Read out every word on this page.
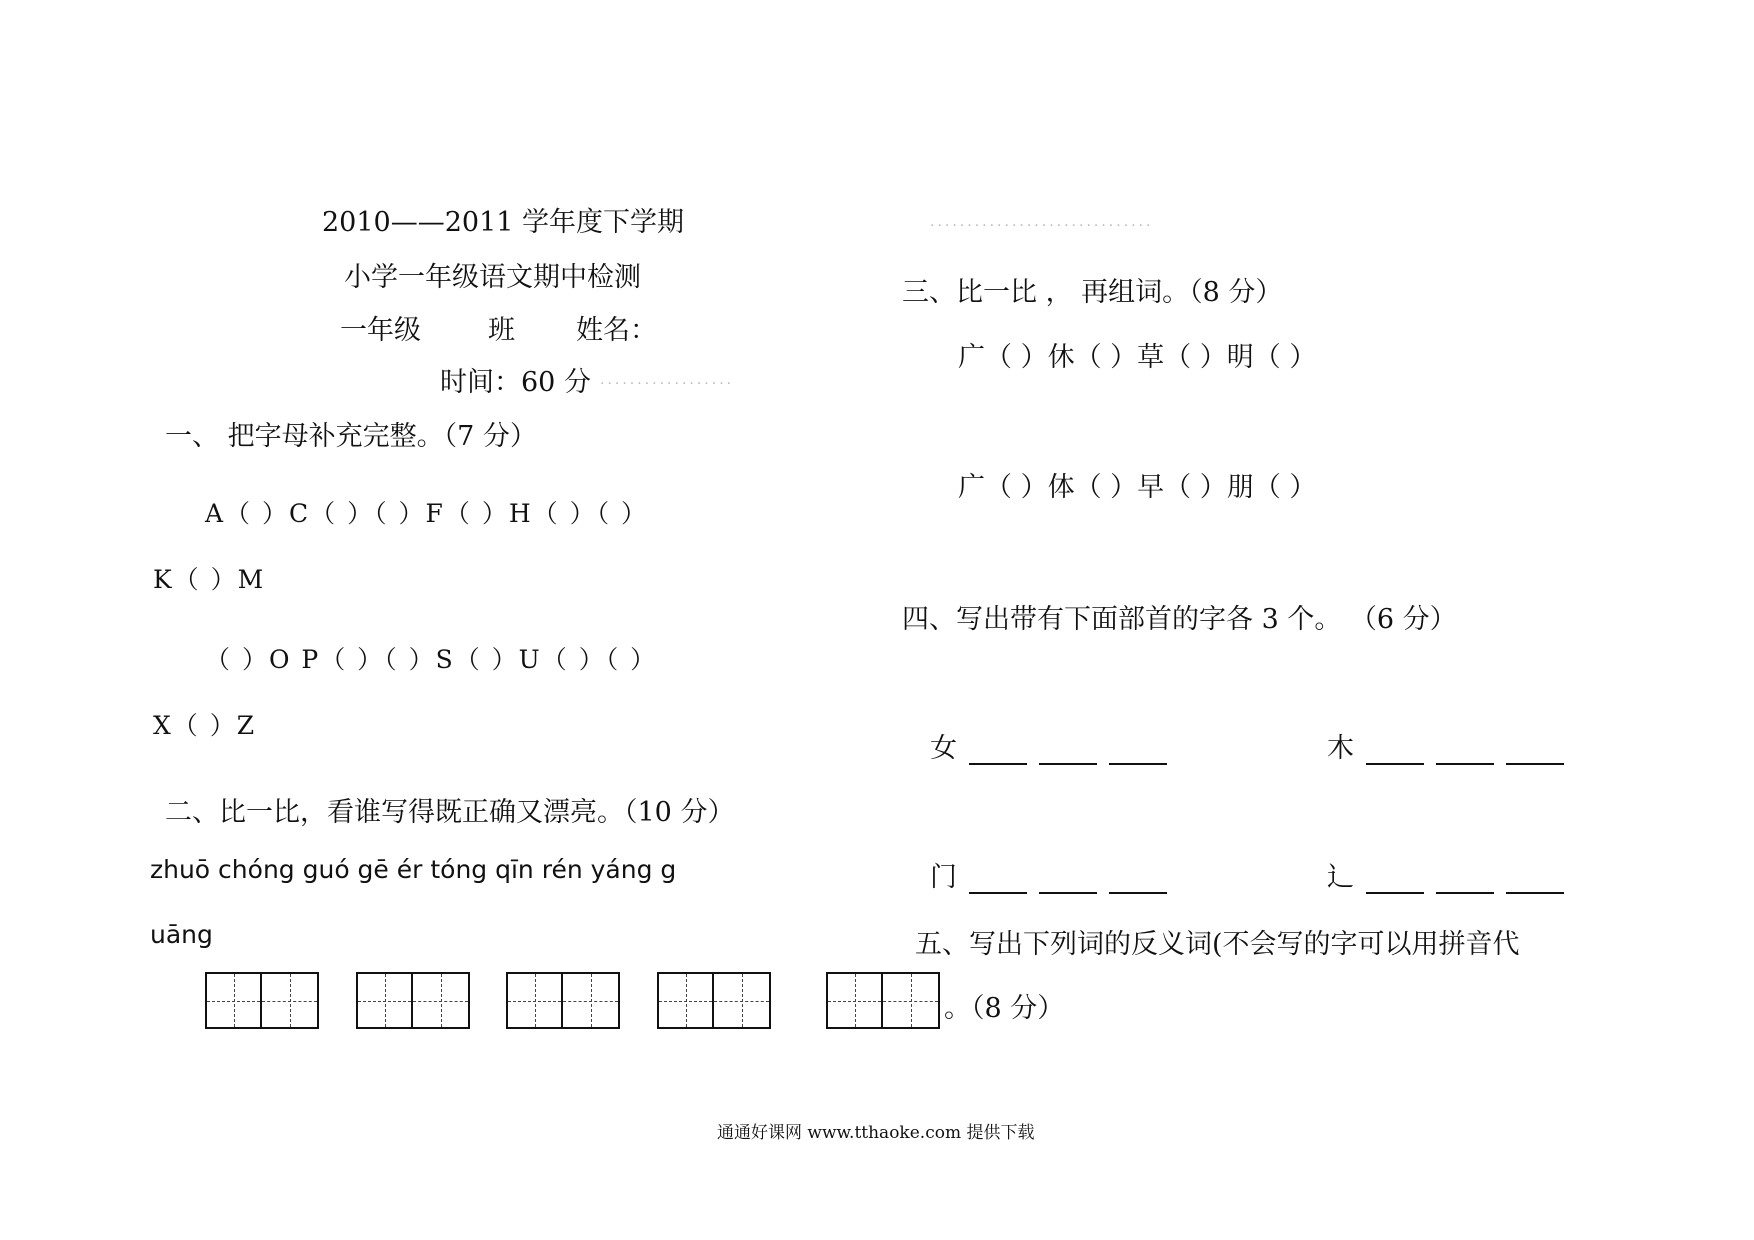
2010——2011 学年度下学期	······························
小学一年级语文期中检测
一年级 班 姓名：
时间：60 分 ··················
一、 把字母补充完整。（7 分）
A（ ）C（ ）（ ）F（ ）H（ ）（ ）
K（ ）M
（ ）O P（ ）（ ）S（ ）U（ ）（ ）
X（ ）Z
二、比一比，看谁写得既正确又漂亮。（10 分）
zhuō chóng guó gē ér tóng qīn rén yáng g
uāng
三、比一比 ， 再组词。（8 分）
广（ ）休（ ）草（ ）明（ ）
广（ ）体（ ）早（ ）朋（ ）
四、写出带有下面部首的字各 3 个。 （6 分）
女	木
门	辶
五、写出下列词的反义词(不会写的字可以用拼音代
。（8 分）
通通好课网 www.tthaoke.com 提供下载
